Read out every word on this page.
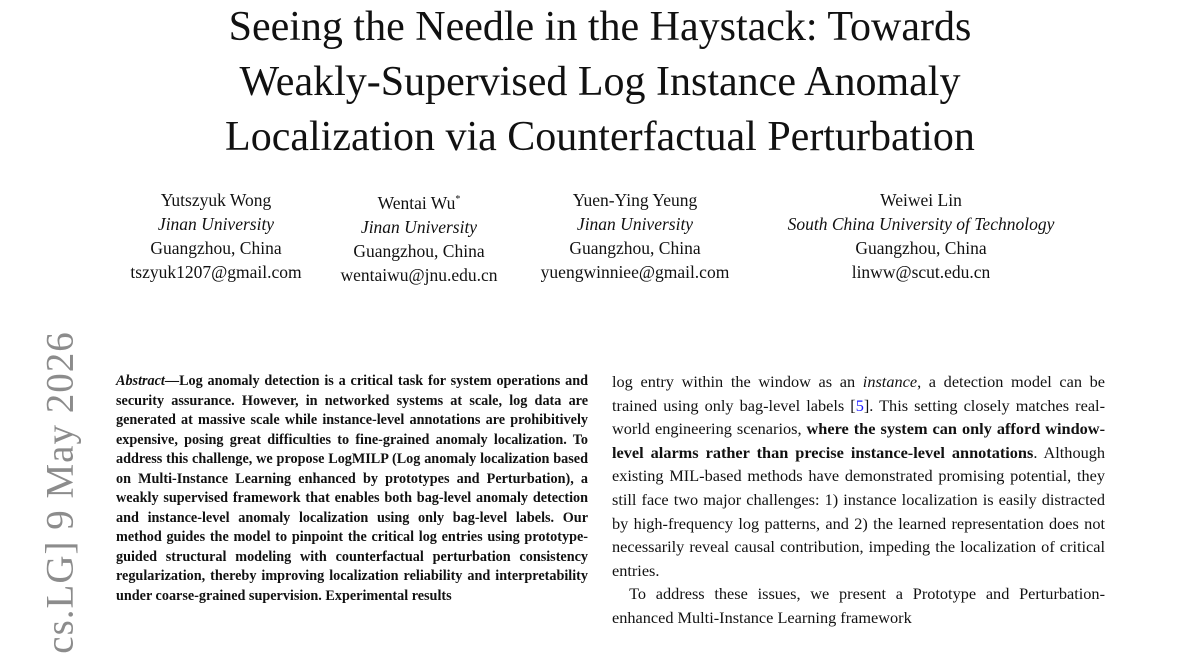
Seeing the Needle in the Haystack: Towards
Weakly-Supervised Log Instance Anomaly
Localization via Counterfactual Perturbation
Yutszyuk Wong
Jinan University
Guangzhou, China
tszyuk1207@gmail.com
Wentai Wu*
Jinan University
Guangzhou, China
wentaiwu@jnu.edu.cn
Yuen-Ying Yeung
Jinan University
Guangzhou, China
yuengwinniee@gmail.com
Weiwei Lin
South China University of Technology
Guangzhou, China
linww@scut.edu.cn
cs.LG] 9 May 2026 Abstract—Log anomaly detection is a critical task for system operations and security assurance. However, in networked systems at scale, log data are generated at massive scale while instance-level annotations are prohibitively expensive, posing great difficulties to fine-grained anomaly localization. To address this challenge, we propose LogMILP (Log anomaly localization based on Multi-Instance Learning enhanced by prototypes and Perturbation), a weakly supervised framework that enables both bag-level anomaly detection and instance-level anomaly localization using only bag-level labels. Our method guides the model to pinpoint the critical log entries using prototype-guided structural modeling with counterfactual perturbation consistency regularization, thereby improving localization reliability and interpretability under coarse-grained supervision. Experimental results

log entry within the window as an instance, a detection model can be trained using only bag-level labels [5]. This setting closely matches real-world engineering scenarios, where the system can only afford window-level alarms rather than precise instance-level annotations. Although existing MIL-based methods have demonstrated promising potential, they still face two major challenges: 1) instance localization is easily distracted by high-frequency log patterns, and 2) the learned representation does not necessarily reveal causal contribution, impeding the localization of critical entries.

To address these issues, we present a Prototype and Perturbation-enhanced Multi-Instance Learning framework
